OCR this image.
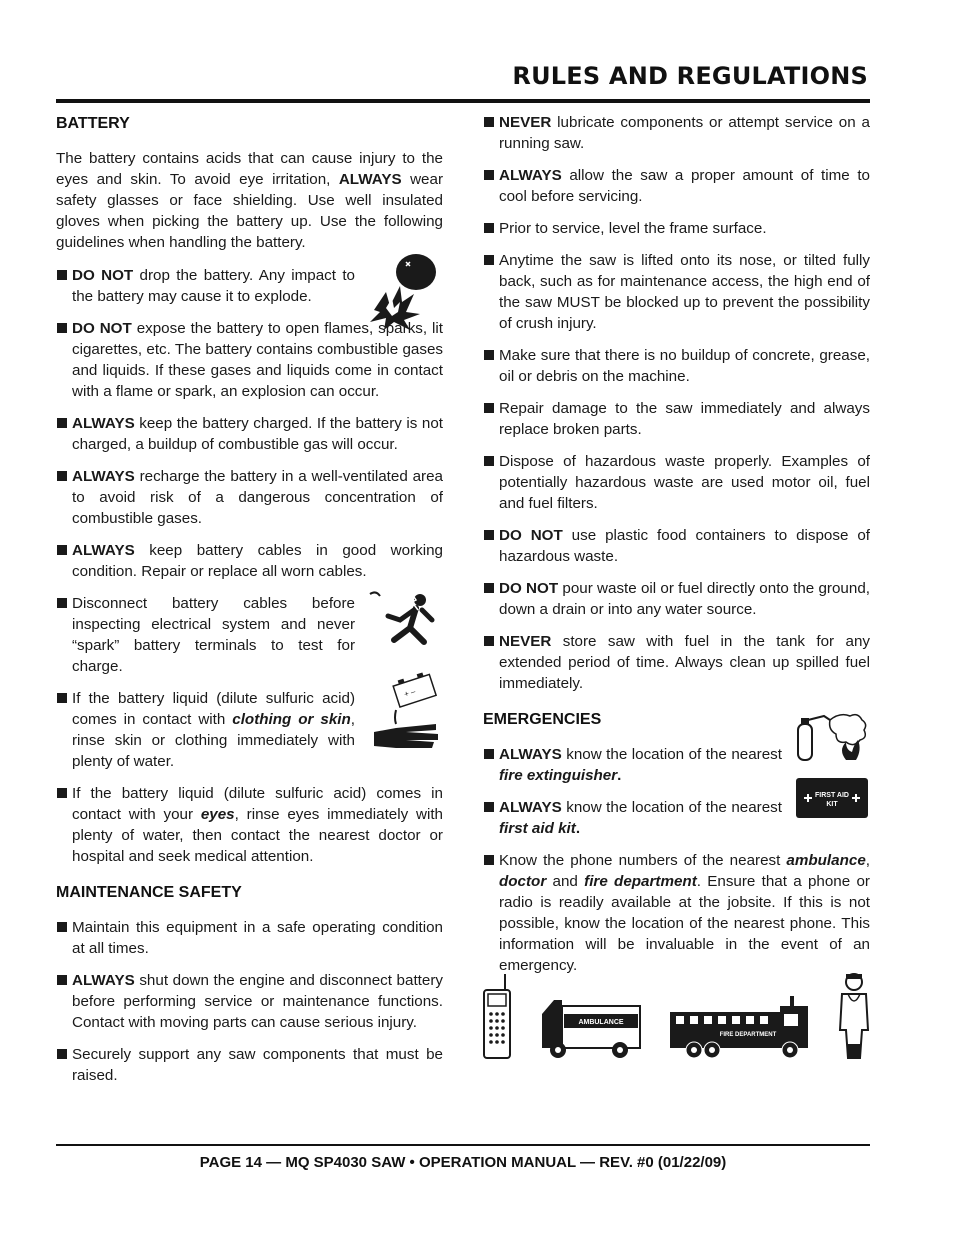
RULES AND REGULATIONS
BATTERY

The battery contains acids that can cause injury to the eyes and skin. To avoid eye irritation, ALWAYS wear safety glasses or face shielding. Use well insulated gloves when picking the battery up. Use the following guidelines when handling the battery.

DO NOT drop the battery. Any impact to the battery may cause it to explode.
DO NOT expose the battery to open flames, sparks, lit cigarettes, etc. The battery contains combustible gases and liquids. If these gases and liquids come in contact with a flame or spark, an explosion can occur.
ALWAYS keep the battery charged. If the battery is not charged, a buildup of combustible gas will occur.
ALWAYS recharge the battery in a well-ventilated area to avoid risk of a dangerous concentration of combustible gases.
ALWAYS keep battery cables in good working condition. Repair or replace all worn cables.
Disconnect battery cables before inspecting electrical system and never “spark” battery terminals to test for charge.
If the battery liquid (dilute sulfuric acid) comes in contact with clothing or skin, rinse skin or clothing immediately with plenty of water.
If the battery liquid (dilute sulfuric acid) comes in contact with your eyes, rinse eyes immediately with plenty of water, then contact the nearest doctor or hospital and seek medical attention.
MAINTENANCE SAFETY
Maintain this equipment in a safe operating condition at all times.
ALWAYS shut down the engine and disconnect battery before performing service or maintenance functions. Contact with moving parts can cause serious injury.
Securely support any saw components that must be raised.
+ –
NEVER lubricate components or attempt service on a running saw.
ALWAYS allow the saw a proper amount of time to cool before servicing.
Prior to service, level the frame surface.
Anytime the saw is lifted onto its nose, or tilted fully back, such as for maintenance access, the high end of the saw MUST be blocked up to prevent the possibility of crush injury.
Make sure that there is no buildup of concrete, grease, oil or debris on the machine.
Repair damage to the saw immediately and always replace broken parts.
Dispose of hazardous waste properly. Examples of potentially hazardous waste are used motor oil, fuel and fuel filters.
DO NOT use plastic food containers to dispose of hazardous waste.
DO NOT pour waste oil or fuel directly onto the ground, down a drain or into any water source.
NEVER store saw with fuel in the tank for any extended period of time. Always clean up spilled fuel immediately.
EMERGENCIES
ALWAYS know the location of the nearest fire extinguisher.
ALWAYS know the location of the nearest first aid kit.
Know the phone numbers of the nearest ambulance, doctor and fire department. Ensure that a phone or radio is readily available at the jobsite. If this is not possible, know the location of the nearest phone. This information will be invaluable in the event of an emergency.
FIRST AID
KIT
AMBULANCE
FIRE DEPARTMENT
PAGE 14 — MQ SP4030 SAW • OPERATION MANUAL — REV. #0 (01/22/09)
